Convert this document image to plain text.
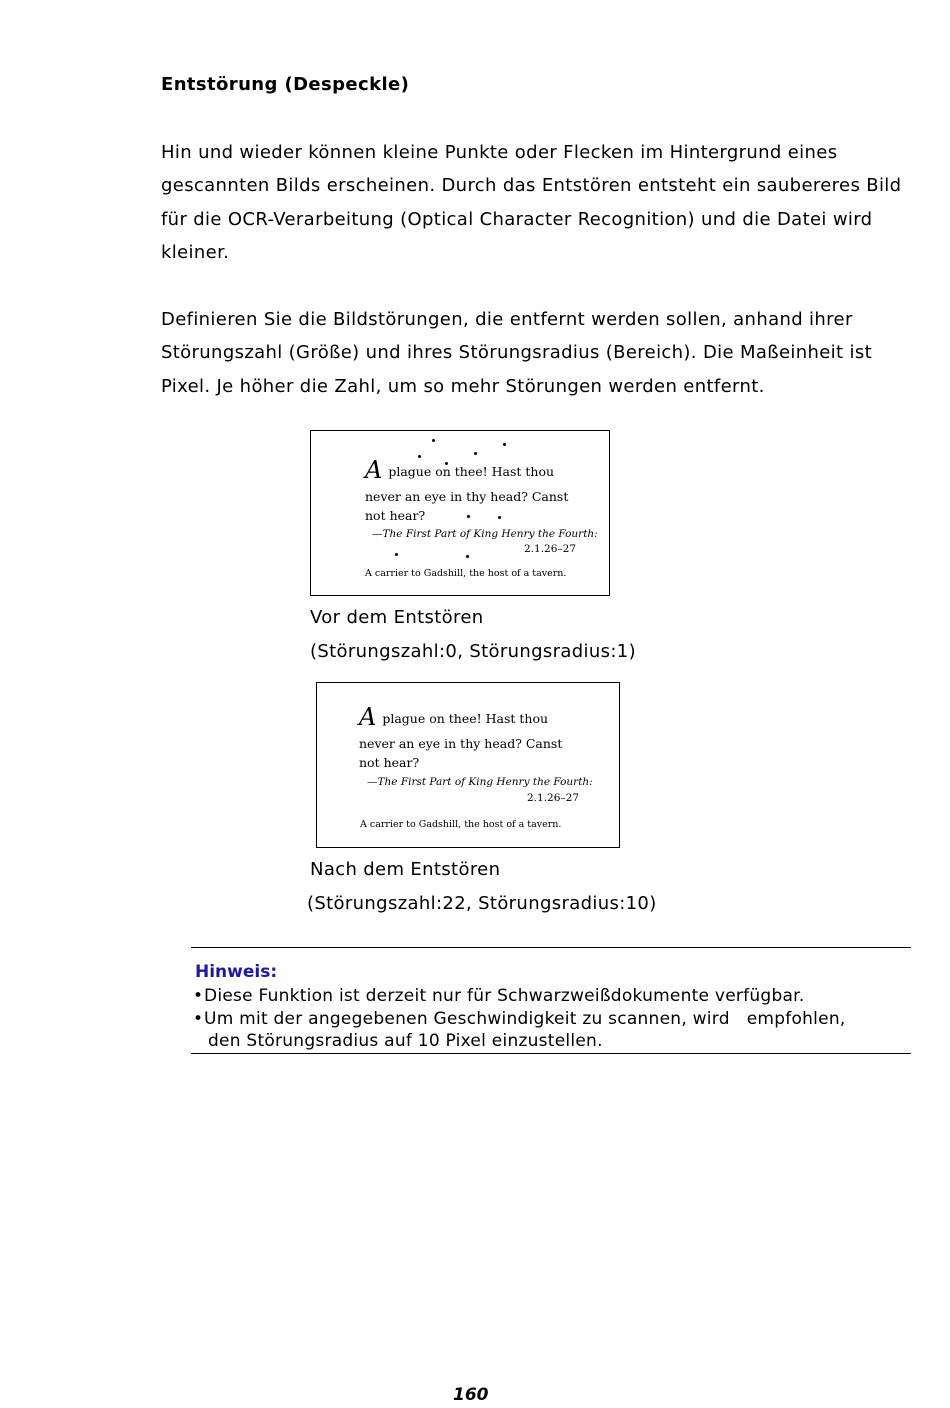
Entstörung (Despeckle)
Hin und wieder können kleine Punkte oder Flecken im Hintergrund eines
gescannten Bilds erscheinen. Durch das Entstören entsteht ein saubereres Bild
für die OCR-Verarbeitung (Optical Character Recognition) und die Datei wird
kleiner.
Definieren Sie die Bildstörungen, die entfernt werden sollen, anhand ihrer
Störungszahl (Größe) und ihres Störungsradius (Bereich). Die Maßeinheit ist
Pixel. Je höher die Zahl, um so mehr Störungen werden entfernt.
A plague on thee! Hast thou
never an eye in thy head? Canst
not hear?
—The First Part of King Henry the Fourth:
2.1.26–27
A carrier to Gadshill, the host of a tavern.

Vor dem Entstören

(Störungszahl:0, Störungsradius:1)

A plague on thee! Hast thou
never an eye in thy head? Canst
not hear?
—The First Part of King Henry the Fourth:
2.1.26–27
A carrier to Gadshill, the host of a tavern.

Nach dem Entstören

(Störungszahl:22, Störungsradius:10)

Hinweis:

•Diese Funktion ist derzeit nur für Schwarzweißdokumente verfügbar.
•Um mit der angegebenen Geschwindigkeit zu scannen, wird   empfohlen,
den Störungsradius auf 10 Pixel einzustellen.

160
